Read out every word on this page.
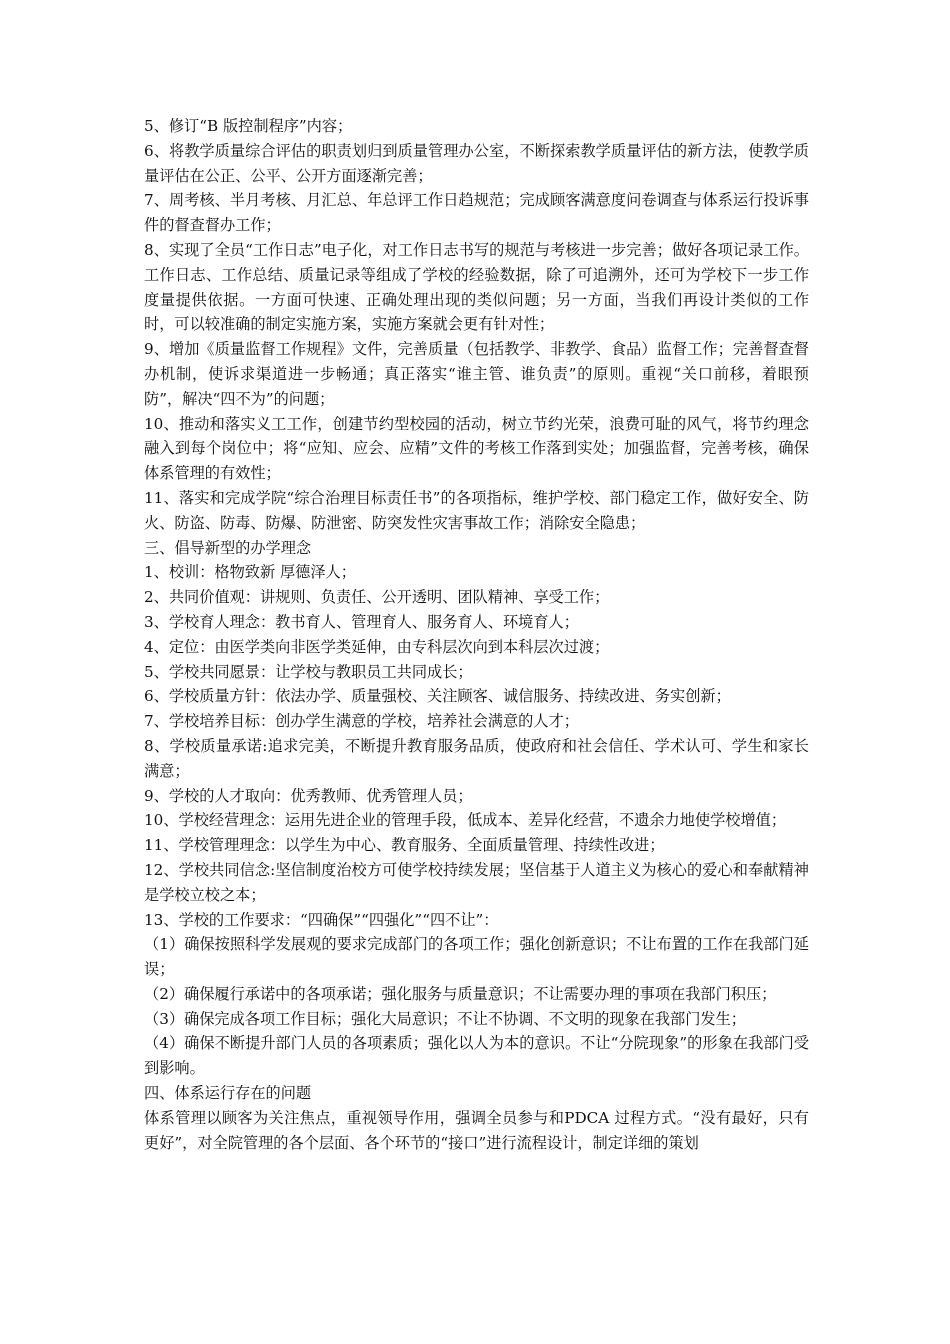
5、修订“B 版控制程序”内容；

6、将教学质量综合评估的职责划归到质量管理办公室，不断探索教学质量评估的新方法，使教学质量评估在公正、公平、公开方面逐渐完善；

7、周考核、半月考核、月汇总、年总评工作日趋规范；完成顾客满意度问卷调查与体系运行投诉事件的督查督办工作；

8、实现了全员“工作日志”电子化，对工作日志书写的规范与考核进一步完善；做好各项记录工作。工作日志、工作总结、质量记录等组成了学校的经验数据，除了可追溯外，还可为学校下一步工作度量提供依据。一方面可快速、正确处理出现的类似问题；另一方面，当我们再设计类似的工作时，可以较准确的制定实施方案，实施方案就会更有针对性；

9、增加《质量监督工作规程》文件，完善质量（包括教学、非教学、食品）监督工作；完善督查督办机制，使诉求渠道进一步畅通；真正落实“谁主管、谁负责”的原则。重视“关口前移，着眼预防”，解决“四不为”的问题；

10、推动和落实义工工作，创建节约型校园的活动，树立节约光荣，浪费可耻的风气，将节约理念融入到每个岗位中；将“应知、应会、应精”文件的考核工作落到实处；加强监督，完善考核，确保体系管理的有效性；

11、落实和完成学院“综合治理目标责任书”的各项指标，维护学校、部门稳定工作，做好安全、防火、防盗、防毒、防爆、防泄密、防突发性灾害事故工作；消除安全隐患；

三、倡导新型的办学理念

1、校训：格物致新 厚德泽人；

2、共同价值观：讲规则、负责任、公开透明、团队精神、享受工作；

3、学校育人理念：教书育人、管理育人、服务育人、环境育人；

4、定位：由医学类向非医学类延伸，由专科层次向到本科层次过渡；

5、学校共同愿景：让学校与教职员工共同成长；

6、学校质量方针：依法办学、质量强校、关注顾客、诚信服务、持续改进、务实创新；

7、学校培养目标：创办学生满意的学校，培养社会满意的人才；

8、学校质量承诺:追求完美，不断提升教育服务品质，使政府和社会信任、学术认可、学生和家长满意；

9、学校的人才取向：优秀教师、优秀管理人员；

10、学校经营理念：运用先进企业的管理手段，低成本、差异化经营，不遗余力地使学校增值；

11、学校管理理念：以学生为中心、教育服务、全面质量管理、持续性改进；

12、学校共同信念:坚信制度治校方可使学校持续发展；坚信基于人道主义为核心的爱心和奉献精神是学校立校之本；

13、学校的工作要求：“四确保”“四强化”“四不让”：

（1）确保按照科学发展观的要求完成部门的各项工作；强化创新意识；不让布置的工作在我部门延误；

（2）确保履行承诺中的各项承诺；强化服务与质量意识；不让需要办理的事项在我部门积压；

（3）确保完成各项工作目标；强化大局意识；不让不协调、不文明的现象在我部门发生；

（4）确保不断提升部门人员的各项素质；强化以人为本的意识。不让“分院现象”的形象在我部门受到影响。

四、体系运行存在的问题

体系管理以顾客为关注焦点，重视领导作用，强调全员参与和PDCA 过程方式。“没有最好，只有更好”，对全院管理的各个层面、各个环节的“接口”进行流程设计，制定详细的策划
